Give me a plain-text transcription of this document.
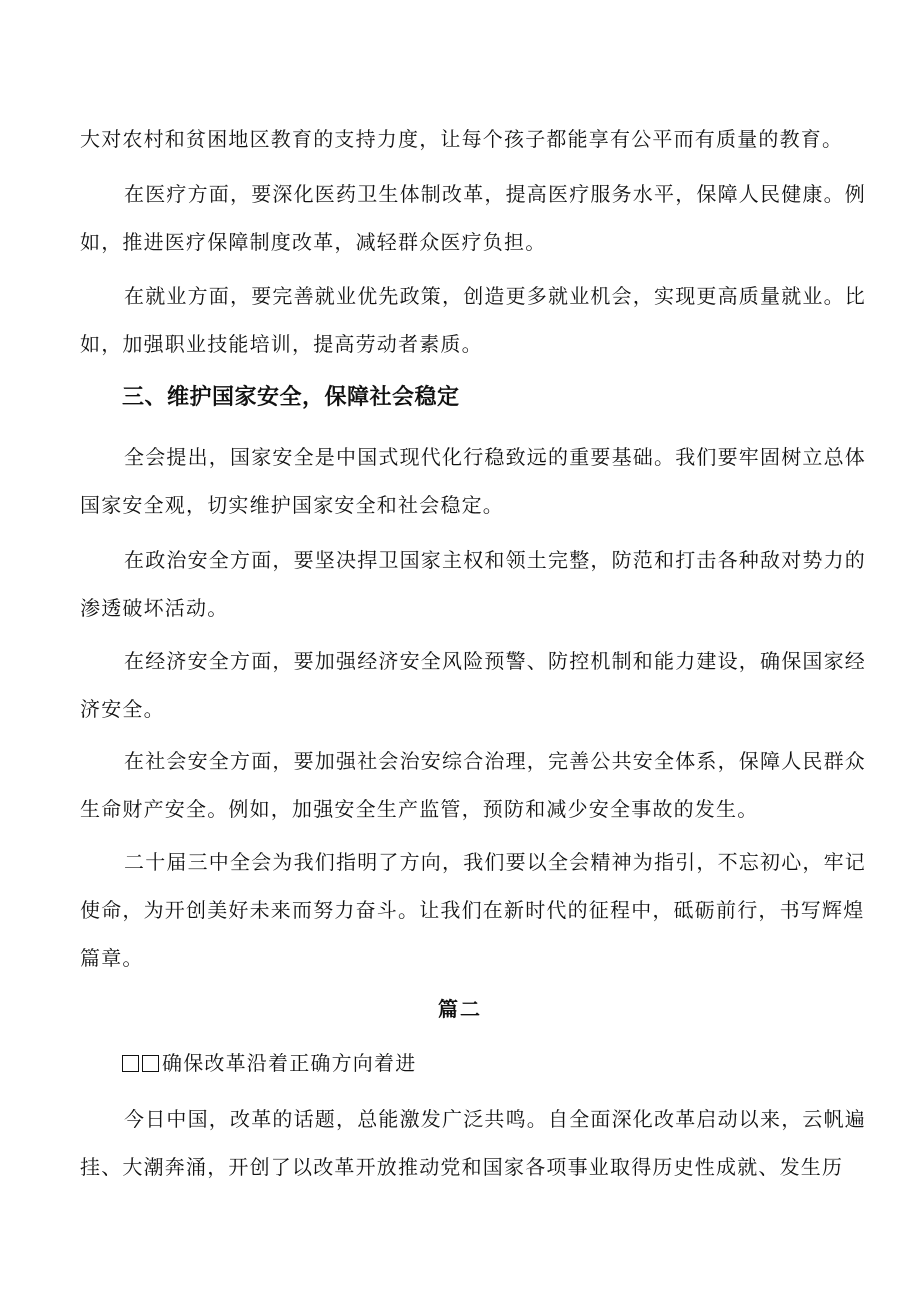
大对农村和贫困地区教育的支持力度，让每个孩子都能享有公平而有质量的教育。

在医疗方面，要深化医药卫生体制改革，提高医疗服务水平，保障人民健康。例如，推进医疗保障制度改革，减轻群众医疗负担。

在就业方面，要完善就业优先政策，创造更多就业机会，实现更高质量就业。比如，加强职业技能培训，提高劳动者素质。

三、维护国家安全，保障社会稳定

全会提出，国家安全是中国式现代化行稳致远的重要基础。我们要牢固树立总体国家安全观，切实维护国家安全和社会稳定。

在政治安全方面，要坚决捍卫国家主权和领土完整，防范和打击各种敌对势力的渗透破坏活动。

在经济安全方面，要加强经济安全风险预警、防控机制和能力建设，确保国家经济安全。

在社会安全方面，要加强社会治安综合治理，完善公共安全体系，保障人民群众生命财产安全。例如，加强安全生产监管，预防和减少安全事故的发生。

二十届三中全会为我们指明了方向，我们要以全会精神为指引，不忘初心，牢记使命，为开创美好未来而努力奋斗。让我们在新时代的征程中，砥砺前行，书写辉煌篇章。

篇二
确保改革沿着正确方向着进

今日中国，改革的话题，总能激发广泛共鸣。自全面深化改革启动以来，云帆遍挂、大潮奔涌，开创了以改革开放推动党和国家各项事业取得历史性成就、发生历
